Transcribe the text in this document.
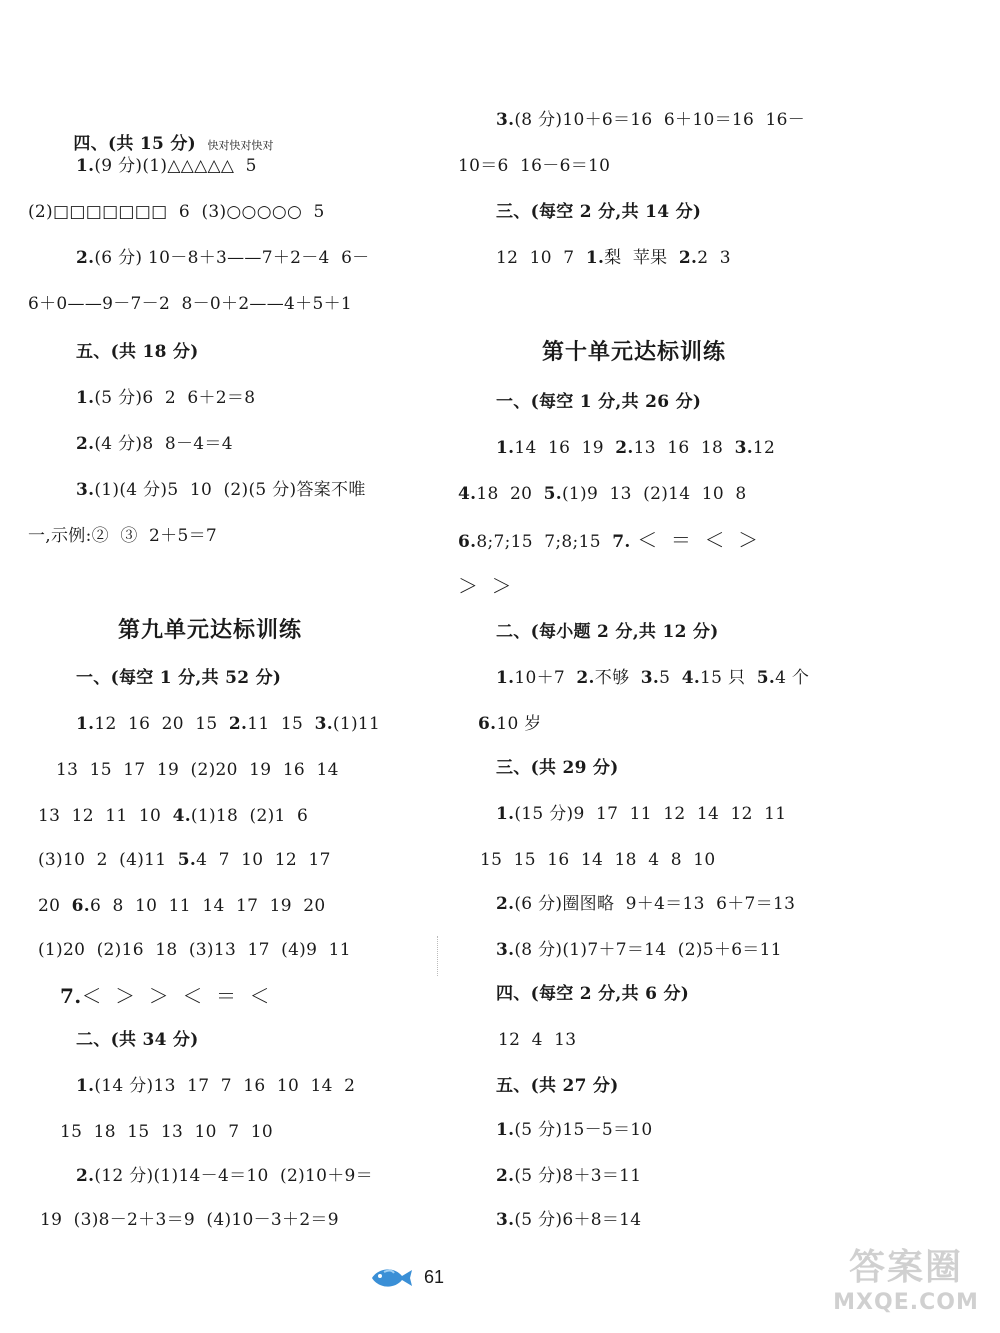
四、(共 15 分) 快对快对快对

1.(9 分)(1)△△△△△  5
(2)□□□□□□□  6  (3)○○○○○  5
2.(6 分) 10－8＋3——7＋2－4  6－
6＋0——9－7－2  8－0＋2——4＋5＋1
五、(共 18 分)
1.(5 分)6  2  6＋2＝8
2.(4 分)8  8－4＝4
3.(1)(4 分)5  10  (2)(5 分)答案不唯
一,示例:②  ③  2＋5＝7
第九单元达标训练
一、(每空 1 分,共 52 分)
1.12  16  20  15  2.11  15  3.(1)11
13  15  17  19  (2)20  19  16  14
13  12  11  10  4.(1)18  (2)1  6
(3)10  2  (4)11  5.4  7  10  12  17
20  6.6  8  10  11  14  17  19  20
(1)20  (2)16  18  (3)13  17  (4)9  11
7.＜  ＞  ＞  ＜  ＝  ＜
二、(共 34 分)
1.(14 分)13  17  7  16  10  14  2
15  18  15  13  10  7  10
2.(12 分)(1)14－4＝10  (2)10＋9＝
19  (3)8－2＋3＝9  (4)10－3＋2＝9
3.(8 分)10＋6＝16  6＋10＝16  16－
10＝6  16－6＝10
三、(每空 2 分,共 14 分)
12  10  7  1.梨  苹果  2.2  3
第十单元达标训练
一、(每空 1 分,共 26 分)
1.14  16  19  2.13  16  18  3.12
4.18  20  5.(1)9  13  (2)14  10  8
6.8;7;15  7;8;15  7. ＜  ＝  ＜  ＞
＞  ＞
二、(每小题 2 分,共 12 分)
1.10＋7  2.不够  3.5  4.15 只  5.4 个
6.10 岁
三、(共 29 分)
1.(15 分)9  17  11  12  14  12  11
15  15  16  14  18  4  8  10
2.(6 分)圈图略  9＋4＝13  6＋7＝13
3.(8 分)(1)7＋7＝14  (2)5＋6＝11
四、(每空 2 分,共 6 分)
12  4  13
五、(共 27 分)
1.(5 分)15－5＝10
2.(5 分)8＋3＝11
3.(5 分)6＋8＝14
61	答案圈
MXQE.COM
